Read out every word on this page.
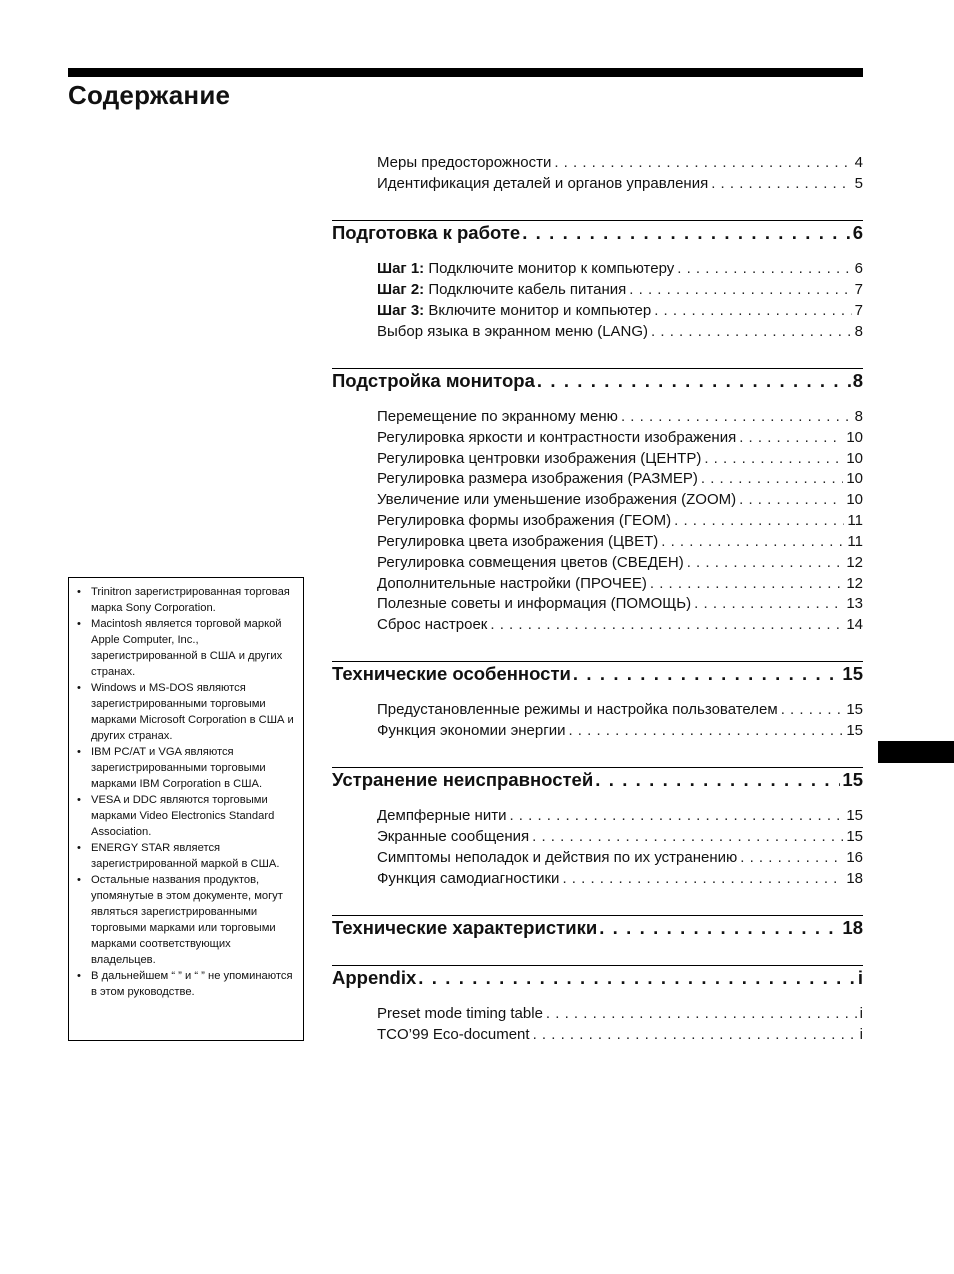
Содержание
Меры предосторожности . . .	4
Идентификация деталей и органов управления . . .	5
Подготовка к работе . . .	6
Шаг 1: Подключите монитор к компьютеру . . .	6
Шаг 2: Подключите кабель питания . . .	7
Шаг 3: Включите монитор и компьютер . . .	7
Выбор языка в экранном меню (LANG) . . .	8
Подстройка монитора . . .	8
Перемещение по экранному меню . . .	8
Регулировка яркости и контрастности изображения . . .	10
Регулировка центровки изображения (ЦЕНТР) . . .	10
Регулировка размера изображения (РАЗМЕР) . . .	10
Увеличение или уменьшение изображения (ZOOM) . . .	10
Регулировка формы изображения (ГЕОМ) . . .	11
Регулировка цвета изображения (ЦВЕТ) . . .	11
Регулировка совмещения цветов (СВЕДЕН) . . .	12
Дополнительные настройки (ПРОЧЕЕ) . . .	12
Полезные советы и информация (ПОМОЩЬ) . . .	13
Сброс настроек . . .	14
Технические особенности . . .	15
Предустановленные режимы и настройка пользователем . . .	15
Функция экономии энергии . . .	15
Устранение неисправностей . . .	15
Демпферные нити . . .	15
Экранные сообщения . . .	15
Симптомы неполадок и действия по их устранению . . .	16
Функция самодиагностики . . .	18
Технические характеристики . . .	18
Appendix . . .	i
Preset mode timing table . . .	i
TCO’99 Eco-document . . .	i
• Trinitron зарегистрированная торговая марка Sony Corporation.
• Macintosh является торговой маркой Apple Computer, Inc., зарегистрированной в США и других странах.
• Windows и MS-DOS являются зарегистрированными торговыми марками Microsoft Corporation в США и других странах.
• IBM PC/AT и VGA являются зарегистрированными торговыми марками IBM Corporation в США.
• VESA и DDC являются торговыми марками Video Electronics Standard Association.
• ENERGY STAR является зарегистрированной маркой в США.
• Остальные названия продуктов, упомянутые в этом документе, могут являться зарегистрированными торговыми марками или торговыми марками соответствующих владельцев.
• В дальнейшем “ ” и “ ” не упоминаются в этом руководстве.
